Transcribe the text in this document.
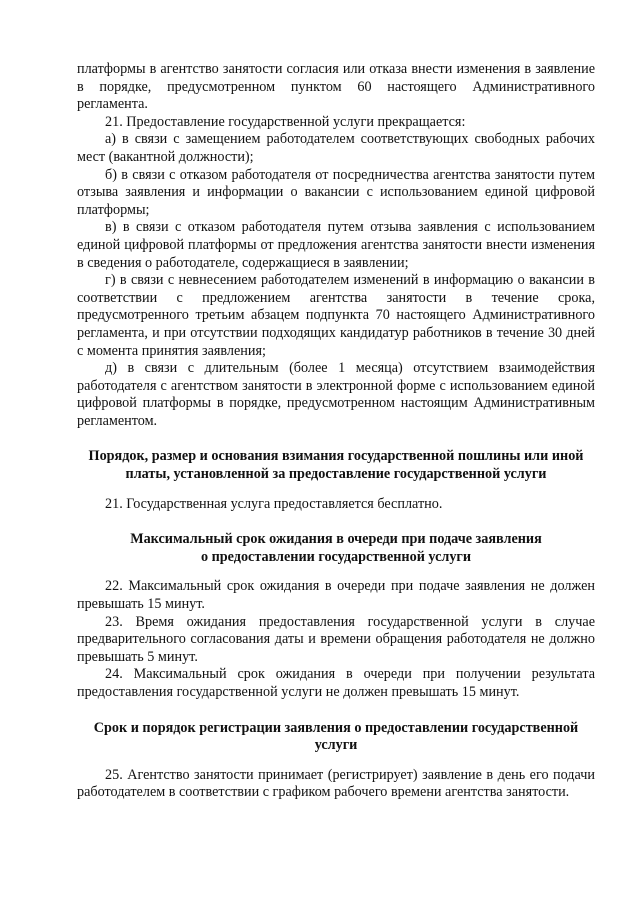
платформы в агентство занятости согласия или отказа внести изменения в заявление в порядке, предусмотренном пунктом 60 настоящего Административного регламента.

21. Предоставление государственной услуги прекращается:

а) в связи с замещением работодателем соответствующих свободных рабочих мест (вакантной должности);

б) в связи с отказом работодателя от посредничества агентства занятости путем отзыва заявления и информации о вакансии с использованием единой цифровой платформы;

в) в связи с отказом работодателя путем отзыва заявления с использованием единой цифровой платформы от предложения агентства занятости внести изменения в сведения о работодателе, содержащиеся в заявлении;

г) в связи с невнесением работодателем изменений в информацию о вакансии в соответствии с предложением агентства занятости в течение срока, предусмотренного третьим абзацем подпункта 70 настоящего Административного регламента, и при отсутствии подходящих кандидатур работников в течение 30 дней с момента принятия заявления;

д) в связи с длительным (более 1 месяца) отсутствием взаимодействия работодателя с агентством занятости в электронной форме с использованием единой цифровой платформы в порядке, предусмотренном настоящим Административным регламентом.

Порядок, размер и основания взимания государственной пошлины или иной платы, установленной за предоставление государственной услуги

21. Государственная услуга предоставляется бесплатно.

Максимальный срок ожидания в очереди при подаче заявления

о предоставлении государственной услуги

22. Максимальный срок ожидания в очереди при подаче заявления не должен превышать 15 минут.

23. Время ожидания предоставления государственной услуги в случае предварительного согласования даты и времени обращения работодателя не должно превышать 5 минут.

24. Максимальный срок ожидания в очереди при получении результата предоставления государственной услуги не должен превышать 15 минут.

Срок и порядок регистрации заявления о предоставлении государственной услуги

25. Агентство занятости принимает (регистрирует) заявление в день его подачи работодателем в соответствии с графиком рабочего времени агентства занятости.
